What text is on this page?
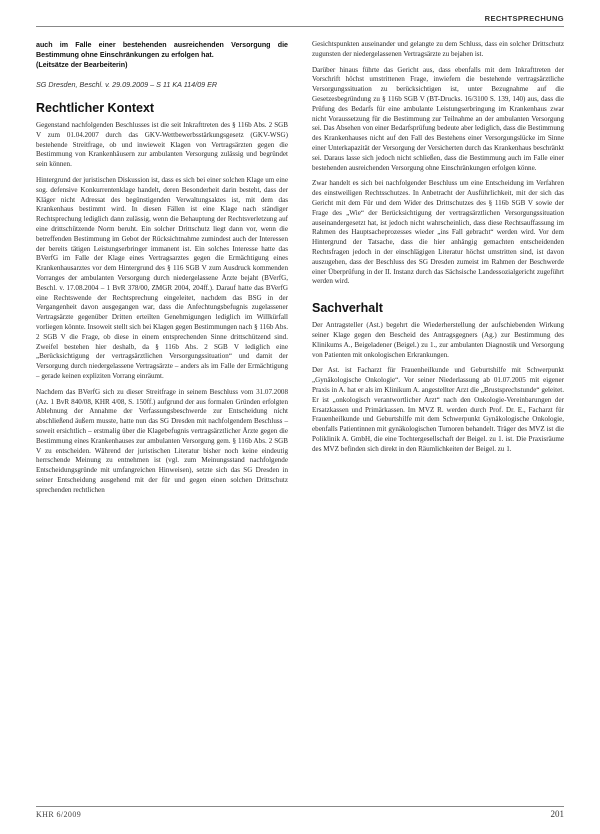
RECHTSPRECHUNG

auch im Falle einer bestehenden ausreichenden Versorgung die Bestimmung ohne Einschränkungen zu erfolgen hat.

(Leitsätze der Bearbeiterin)

SG Dresden, Beschl. v. 29.09.2009 – S 11 KA 114/09 ER
Rechtlicher Kontext

Gegenstand nachfolgenden Beschlusses ist die seit Inkrafttreten des § 116b Abs. 2 SGB V zum 01.04.2007 durch das GKV-Wettbewerbsstärkungsgesetz (GKV-WSG) bestehende Streitfrage, ob und inwieweit Klagen von Vertragsärzten gegen die Bestimmung von Krankenhäusern zur ambulanten Versorgung zulässig und begründet sein können.

Hintergrund der juristischen Diskussion ist, dass es sich bei einer solchen Klage um eine sog. defensive Konkurrentenklage handelt, deren Besonderheit darin besteht, dass der Kläger nicht Adressat des begünstigenden Verwaltungsaktes ist, mit dem das Krankenhaus bestimmt wird. In diesen Fällen ist eine Klage nach ständiger Rechtsprechung lediglich dann zulässig, wenn die Behauptung der Rechtsverletzung auf eine drittschützende Norm beruht. Ein solcher Drittschutz liegt dann vor, wenn die betreffenden Bestimmung im Gebot der Rücksichtnahme zumindest auch der Interessen der bereits tätigen Leistungserbringer immanent ist. Ein solches Interesse hatte das BVerfG im Falle der Klage eines Vertragsarztes gegen die Ermächtigung eines Krankenhausarztes vor dem Hintergrund des § 116 SGB V zum Ausdruck kommenden Vorranges der ambulanten Versorgung durch niedergelassene Ärzte bejaht (BVerfG, Beschl. v. 17.08.2004 – 1 BvR 378/00, ZMGR 2004, 204ff.). Darauf hatte das BVerfG eine Rechtswende der Rechtsprechung eingeleitet, nachdem das BSG in der Vergangenheit davon ausgegangen war, dass die Anfechtungsbefugnis zugelassener Vertragsärzte gegenüber Dritten erteilten Genehmigungen lediglich im Willkürfall vorliegen könnte. Insoweit stellt sich bei Klagen gegen Bestimmungen nach § 116b Abs. 2 SGB V die Frage, ob diese in einem entsprechenden Sinne drittschützend sind. Zweifel bestehen hier deshalb, da § 116b Abs. 2 SGB V lediglich eine „Berücksichtigung der vertragsärztlichen Versorgungssituation“ und damit der Versorgung durch niedergelassene Vertragsärzte – anders als im Falle der Ermächtigung – gerade keinen expliziten Vorrang einräumt.

Nachdem das BVerfG sich zu dieser Streitfrage in seinem Beschluss vom 31.07.2008 (Az. 1 BvR 840/08, KHR 4/08, S. 150ff.) aufgrund der aus formalen Gründen erfolgten Ablehnung der Annahme der Verfassungsbeschwerde zur Entscheidung nicht abschließend äußern musste, hatte nun das SG Dresden mit nachfolgendem Beschluss – soweit ersichtlich – erstmalig über die Klagebefugnis vertragsärztlicher Ärzte gegen die Bestimmung eines Krankenhauses zur ambulanten Versorgung gem. § 116b Abs. 2 SGB V zu entscheiden. Während der juristischen Literatur bisher noch keine eindeutig herrschende Meinung zu entnehmen ist (vgl. zum Meinungsstand nachfolgende Entscheidungsgründe mit umfangreichen Hinweisen), setzte sich das SG Dresden in seiner Entscheidung ausgehend mit der für und gegen einen solchen Drittschutz sprechenden rechtlichen

Gesichtspunkten auseinander und gelangte zu dem Schluss, dass ein solcher Drittschutz zugunsten der niedergelassenen Vertragsärzte zu bejahen ist.

Darüber hinaus führte das Gericht aus, dass ebenfalls mit dem Inkrafttreten der Vorschrift höchst umstrittenen Frage, inwiefern die bestehende vertragsärztliche Versorgungssituation zu berücksichtigen ist, unter Bezugnahme auf die Gesetzesbegründung zu § 116b SGB V (BT-Drucks. 16/3100 S. 139, 140) aus, dass die Prüfung des Bedarfs für eine ambulante Leistungserbringung im Krankenhaus zwar nicht Voraussetzung für die Bestimmung zur Teilnahme an der ambulanten Versorgung sei. Das Absehen von einer Bedarfsprüfung bedeute aber lediglich, dass die Bestimmung des Krankenhauses nicht auf den Fall des Bestehens einer Versorgungslücke im Sinne einer Unterkapazität der Versorgung der Versicherten durch das Krankenhaus beschränkt sei. Daraus lasse sich jedoch nicht schließen, dass die Bestimmung auch im Falle einer bestehenden ausreichenden Versorgung ohne Einschränkungen erfolgen könne.

Zwar handelt es sich bei nachfolgender Beschluss um eine Entscheidung im Verfahren des einstweiligen Rechtsschutzes. In Anbetracht der Ausführlichkeit, mit der sich das Gericht mit dem Für und dem Wider des Drittschutzes des § 116b SGB V sowie der Frage des „Wie“ der Berücksichtigung der vertragsärztlichen Versorgungssituation auseinandergesetzt hat, ist jedoch nicht wahrscheinlich, dass diese Rechtsauffassung im Rahmen des Hauptsacheprozesses wieder „ins Fall gebracht“ werden wird. Vor dem Hintergrund der Tatsache, dass die hier anhängig gemachten entscheidenden Rechtsfragen jedoch in der einschlägigen Literatur höchst umstritten sind, ist davon auszugehen, dass der Beschluss des SG Dresden zumeist im Rahmen der Beschwerde einer Überprüfung in der II. Instanz durch das Sächsische Landessozialgericht zugeführt werden wird.

Sachverhalt

Der Antragsteller (Ast.) begehrt die Wiederherstellung der aufschiebenden Wirkung seiner Klage gegen den Bescheid des Antragsgegners (Ag.) zur Bestimmung des Klinikums A., Beigeladener (Beigel.) zu 1., zur ambulanten Diagnostik und Versorgung von Patienten mit onkologischen Erkrankungen.

Der Ast. ist Facharzt für Frauenheilkunde und Geburtshilfe mit Schwerpunkt „Gynäkologische Onkologie“. Vor seiner Niederlassung ab 01.07.2005 mit eigener Praxis in A. hat er als im Klinikum A. angestellter Arzt die „Brustsprechstunde“ geleitet. Er ist „onkologisch verantwortlicher Arzt“ nach den Onkologie-Vereinbarungen der Ersatzkassen und Primärkassen. Im MVZ R. werden durch Prof. Dr. E., Facharzt für Frauenheilkunde und Geburtshilfe mit dem Schwerpunkt Gynäkologische Onkologie, ebenfalls Patientinnen mit gynäkologischen Tumoren behandelt. Träger des MVZ ist die Poliklinik A. GmbH, die eine Tochtergesellschaft der Beigel. zu 1. ist. Die Praxisräume des MVZ befinden sich direkt in den Räumlichkeiten der Beigel. zu 1.

KHR 6/2009	201
